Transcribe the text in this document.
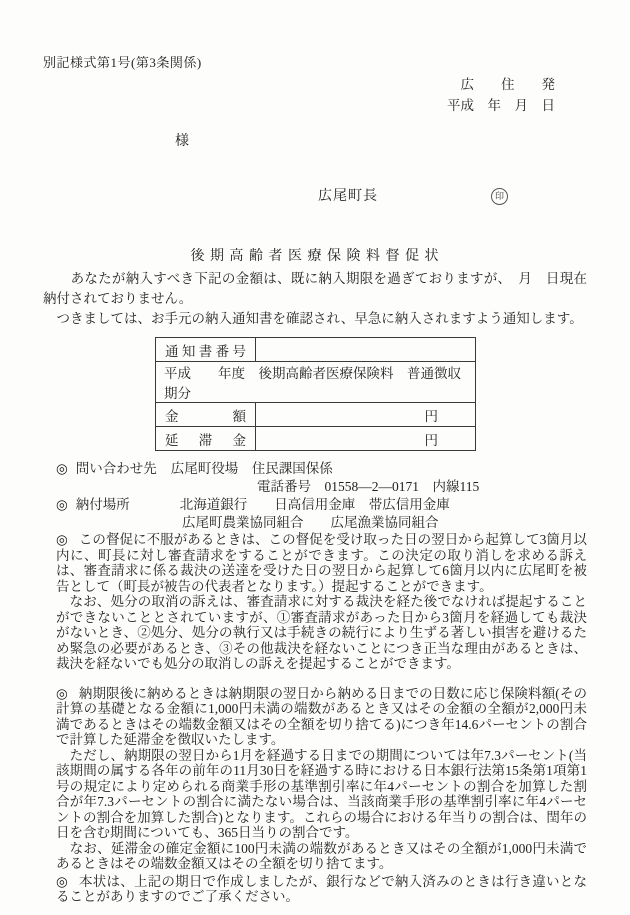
別記様式第1号(第3条関係)
広　　住　　発
平成　年　月　日
様
広尾町長	印
後 期 高 齢 者 医 療 保 険 料 督 促 状

　　あなたが納入すべき下記の金額は、既に納入期限を過ぎておりますが、　月　日現在納付されておりません。

　つきましては、お手元の納入通知書を確認され、早急に納入されますよう通知します。

通知書番号	
平成　　年度　後期高齢者医療保険料　普通徴収　　期分	
金額	円
延滞金	円
◎ 問い合わせ先 広尾町役場　住民課国保係
電話番号　01558—2—0171　内線115
◎ 納付場所	北海道銀行　　日高信用金庫　帯広信用金庫
広尾町農業協同組合　　広尾漁業協同組合

◎ この督促に不服があるときは、この督促を受け取った日の翌日から起算して3箇月以内に、町長に対し審査請求をすることができます。この決定の取り消しを求める訴えは、審査請求に係る裁決の送達を受けた日の翌日から起算して6箇月以内に広尾町を被告として（町長が被告の代表者となります。）提起することができます。

　なお、処分の取消の訴えは、審査請求に対する裁決を経た後でなければ提起することができないこととされていますが、①審査請求があった日から3箇月を経過しても裁決がないとき、②処分、処分の執行又は手続きの続行により生ずる著しい損害を避けるため緊急の必要があるとき、③その他裁決を経ないことにつき正当な理由があるときは、裁決を経ないでも処分の取消しの訴えを提起することができます。

◎ 納期限後に納めるときは納期限の翌日から納める日までの日数に応じ保険料額(その計算の基礎となる金額に1,000円未満の端数があるとき又はその金額の全額が2,000円未満であるときはその端数金額又はその全額を切り捨てる)につき年14.6パーセントの割合で計算した延滞金を徴収いたします。

　ただし、納期限の翌日から1月を経過する日までの期間については年7.3パーセント(当該期間の属する各年の前年の11月30日を経過する時における日本銀行法第15条第1項第1号の規定により定められる商業手形の基準割引率に年4パーセントの割合を加算した割合が年7.3パーセントの割合に満たない場合は、当該商業手形の基準割引率に年4パーセントの割合を加算した割合)となります。これらの場合における年当りの割合は、閏年の日を含む期間についても、365日当りの割合です。

　なお、延滞金の確定金額に100円未満の端数があるとき又はその全額が1,000円未満であるときはその端数金額又はその全額を切り捨てます。

◎ 本状は、上記の期日で作成しましたが、銀行などで納入済みのときは行き違いとなることがありますのでご了承ください。
